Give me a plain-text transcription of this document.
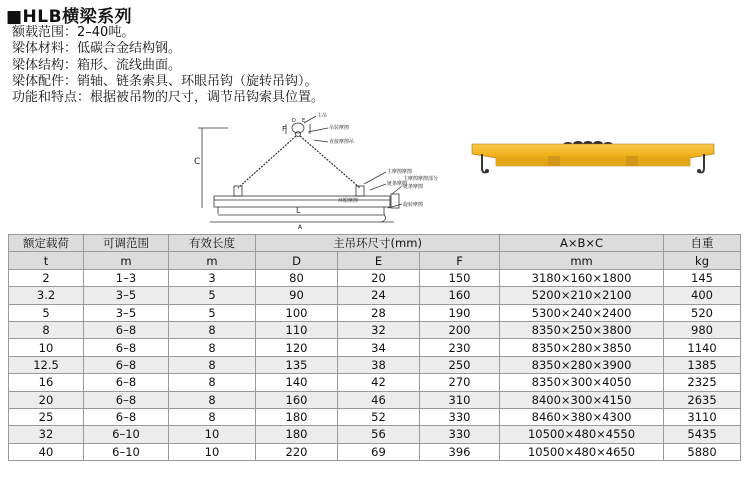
■HLB横梁系列
额载范围：2–40吨。
梁体材料：低碳合金结构钢。
梁体结构：箱形、流线曲面。
梁体配件：销轴、链条索具、环眼吊钩（旋转吊钩）。
功能和特点：根据被吊物的尺寸，调节吊钩索具位置。
C
F
D E
L
A
主吊
吊装摩擦
直接摩擦吊
主摩擦摩擦
链条摩擦
主摩擦摩擦部分
链条摩擦
环眼摩擦
旋转摩擦
额定载荷	可调范围	有效长度	主吊环尺寸(mm)			A×B×C	自重
t	m	m	D	E	F	mm	kg
2	1–3	3	80	20	150	3180×160×1800	145
3.2	3–5	5	90	24	160	5200×210×2100	400
5	3–5	5	100	28	190	5300×240×2400	520
8	6–8	8	110	32	200	8350×250×3800	980
10	6–8	8	120	34	230	8350×280×3850	1140
12.5	6–8	8	135	38	250	8350×280×3900	1385
16	6–8	8	140	42	270	8350×300×4050	2325
20	6–8	8	160	46	310	8400×300×4150	2635
25	6–8	8	180	52	330	8460×380×4300	3110
32	6–10	10	180	56	330	10500×480×4550	5435
40	6–10	10	220	69	396	10500×480×4650	5880
